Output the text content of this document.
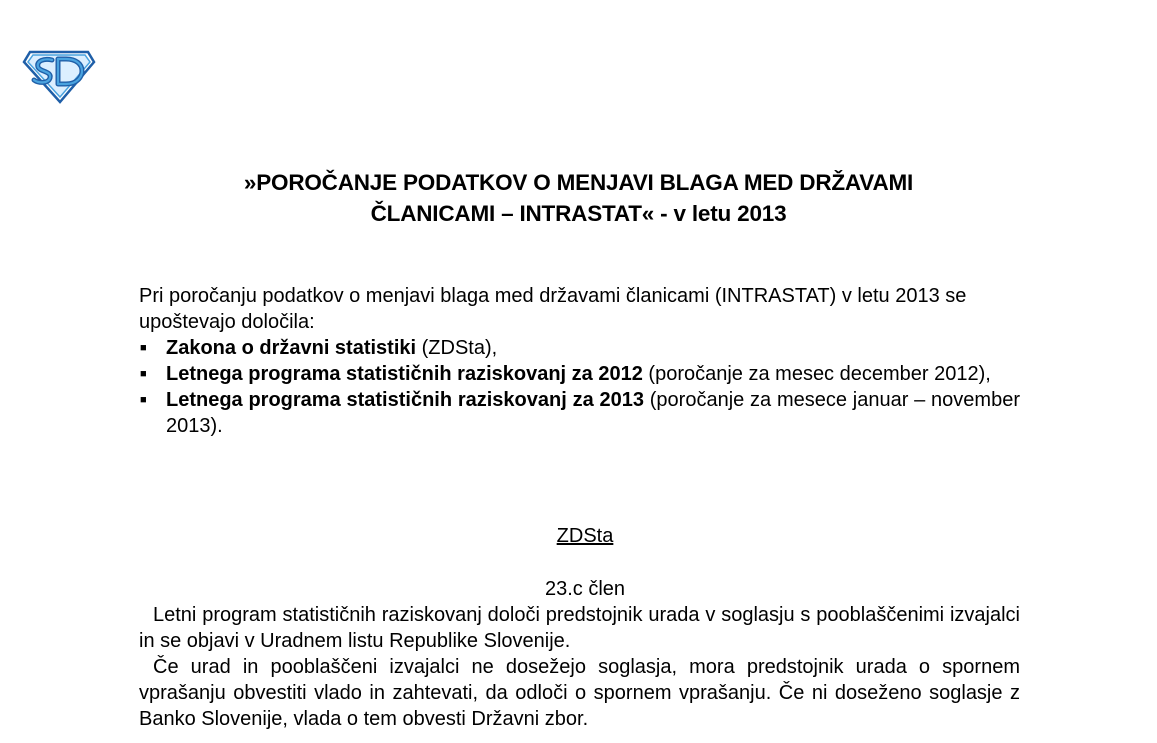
»POROČANJE PODATKOV O MENJAVI BLAGA MED DRŽAVAMI
ČLANICAMI – INTRASTAT« - v letu 2013

Pri poročanju podatkov o menjavi blaga med državami članicami (INTRASTAT) v letu 2013 se upoštevajo določila:

■ Zakona o državni statistiki (ZDSta),
■ Letnega programa statističnih raziskovanj za 2012 (poročanje za mesec december 2012),
■ Letnega programa statističnih raziskovanj za 2013 (poročanje za mesece januar – november 2013).
ZDSta
23.c člen

Letni program statističnih raziskovanj določi predstojnik urada v soglasju s pooblaščenimi izvajalci in se objavi v Uradnem listu Republike Slovenije.

Če urad in pooblaščeni izvajalci ne dosežejo soglasja, mora predstojnik urada o spornem vprašanju obvestiti vlado in zahtevati, da odloči o spornem vprašanju. Če ni doseženo soglasje z Banko Slovenije, vlada o tem obvesti Državni zbor.
